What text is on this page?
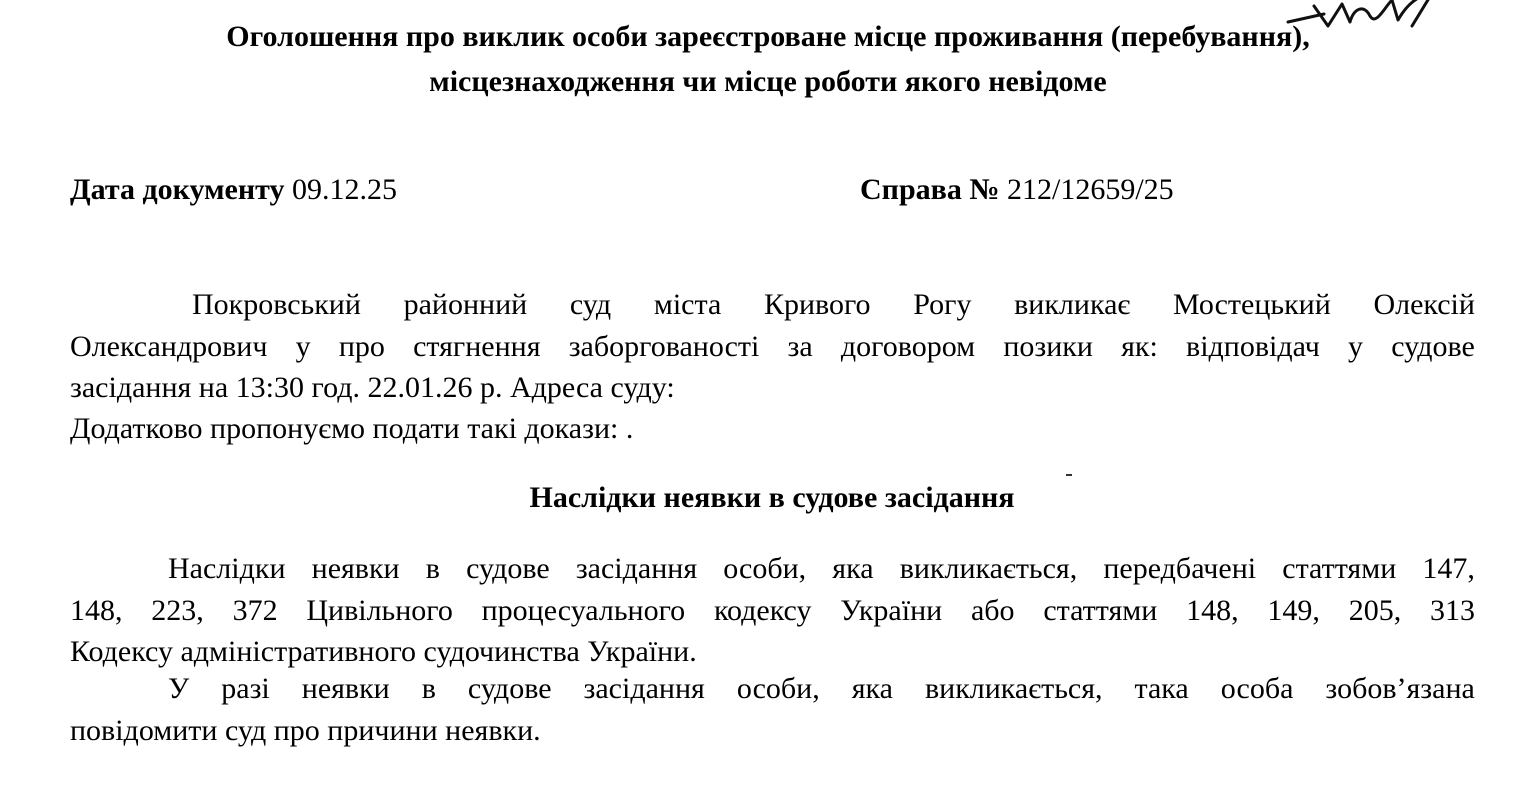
Оголошення про виклик особи зареєстроване місце проживання (перебування),
місцезнаходження чи місце роботи якого невідоме
Дата документу 09.12.25	Справа № 212/12659/25
Покровський районний суд міста Кривого Рогу викликає Мостецький Олексій
Олександрович у про стягнення заборгованості за договором позики як: відповідач у судове
засідання на 13:30 год. 22.01.26 р. Адреса суду:
Додатково пропонуємо подати такі докази: .
Наслідки неявки в судове засідання
Наслідки неявки в судове засідання особи, яка викликається, передбачені статтями 147,
148, 223, 372 Цивільного процесуального кодексу України або статтями 148, 149, 205, 313
Кодексу адміністративного судочинства України.
У разі неявки в судове засідання особи, яка викликається, така особа зобов’язана
повідомити суд про причини неявки.
